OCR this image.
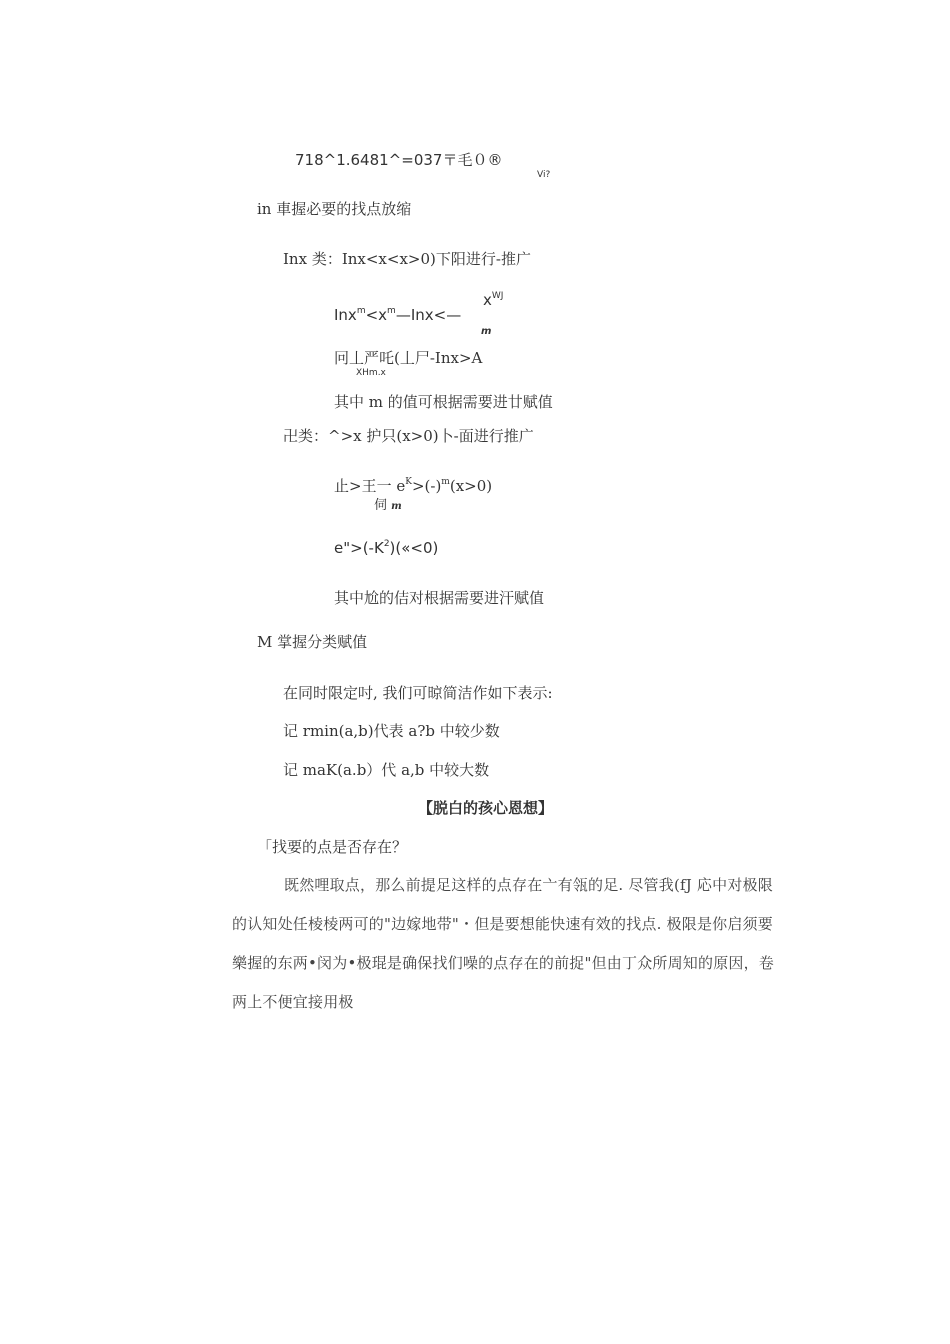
718^1.6481^=037〒毛０®
Vi?
in 車握必要的找点放缩
Inx 类：Inx<x<x>0)下阳进行-推广
$x^{WJ}$
$Inx^m<x^m—Inx<—$
m
冋丄严吒(丄尸-Inx>A
XHm.x
其中 m 的值可根据需要进廿赋值
卍类：^>x 护只(x>0)卜-面进行推广
止>王一 $e^K>(-)^m(x>0)$
伺 m
$e">(-K^2)(«<0)$
其中尬的佶对根据需要进汗赋值
M 掌握分类赋值
在同时限定吋, 我们可晾简洁作如下表示:
记 rmin(a,b)代表 a?b 中较少数
记 maK(a.b）代 a,b 中较大数
【脱白的孩心恩想】
「找要的点是否存在？
既然哩取点，那么前提足这样的点存在亠有瓴的足. 尽管我(fJ 応中对极限的认知处任棱棱两可的"边嫁地带"・但是要想能快速有效的找点. 极限是你启须要樂握的东两•闵为•极琨是确保找们噪的点存在的前捉"但由丁众所周知的原因，卷两上不便宜接用极
